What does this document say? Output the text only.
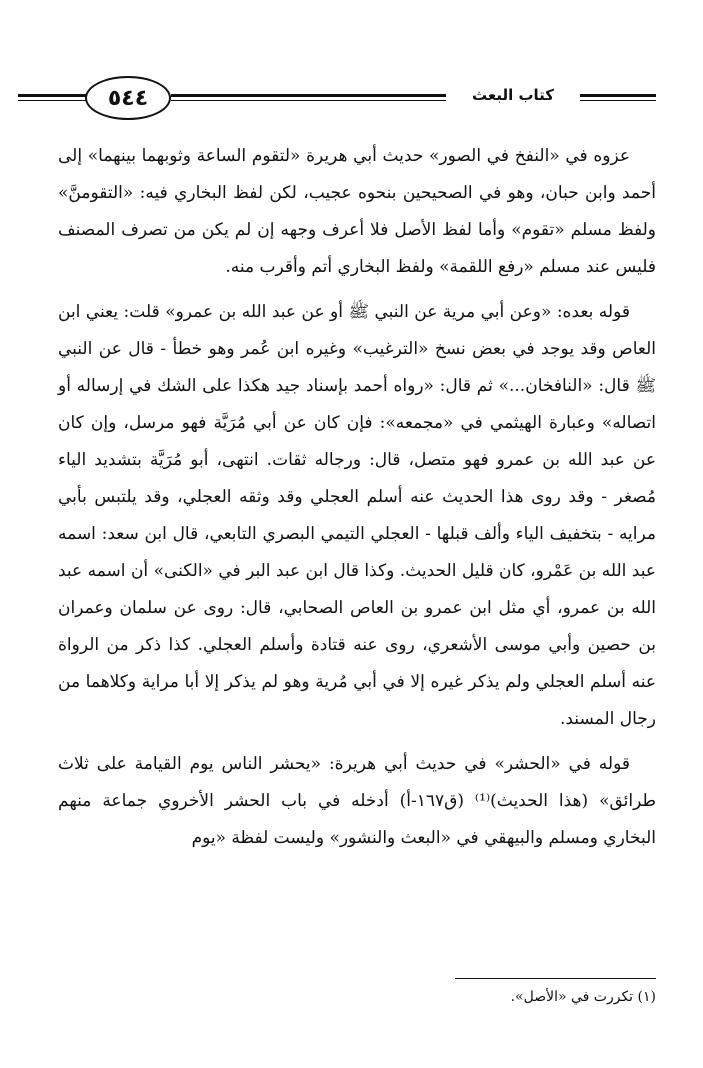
٥٤٤	كتاب البعث

عزوه في «النفخ في الصور» حديث أبي هريرة «لتقوم الساعة وثوبهما بينهما» إلى أحمد وابن حبان، وهو في الصحيحين بنحوه عجيب، لكن لفظ البخاري فيه: «التقومنَّ» ولفظ مسلم «تقوم» وأما لفظ الأصل فلا أعرف وجهه إن لم يكن من تصرف المصنف فليس عند مسلم «رفع اللقمة» ولفظ البخاري أتم وأقرب منه.

قوله بعده: «وعن أبي مرية عن النبي ﷺ أو عن عبد الله بن عمرو» قلت: يعني ابن العاص وقد يوجد في بعض نسخ «الترغيب» وغيره ابن عُمر وهو خطأ - قال عن النبي ﷺ قال: «النافخان...» ثم قال: «رواه أحمد بإسناد جيد هكذا على الشك في إرساله أو اتصاله» وعبارة الهيثمي في «مجمعه»: فإن كان عن أبي مُرَيَّة فهو مرسل، وإن كان عن عبد الله بن عمرو فهو متصل، قال: ورجاله ثقات. انتهى، أبو مُرَيَّة بتشديد الياء مُصغر - وقد روى هذا الحديث عنه أسلم العجلي وقد وثقه العجلي، وقد يلتبس بأبي مرايه - بتخفيف الياء وألف قبلها - العجلي التيمي البصري التابعي، قال ابن سعد: اسمه عبد الله بن عَمْرو، كان قليل الحديث. وكذا قال ابن عبد البر في «الكنى» أن اسمه عبد الله بن عمرو، أي مثل ابن عمرو بن العاص الصحابي، قال: روى عن سلمان وعمران بن حصين وأبي موسى الأشعري، روى عنه قتادة وأسلم العجلي. كذا ذكر من الرواة عنه أسلم العجلي ولم يذكر غيره إلا في أبي مُرية وهو لم يذكر إلا أبا مراية وكلاهما من رجال المسند.

قوله في «الحشر» في حديث أبي هريرة: «يحشر الناس يوم القيامة على ثلاث طرائق» (هذا الحديث)⁽¹⁾ (ق١٦٧-أ) أدخله في باب الحشر الأخروي جماعة منهم البخاري ومسلم والبيهقي في «البعث والنشور» وليست لفظة «يوم

(١) تكررت في «الأصل».
